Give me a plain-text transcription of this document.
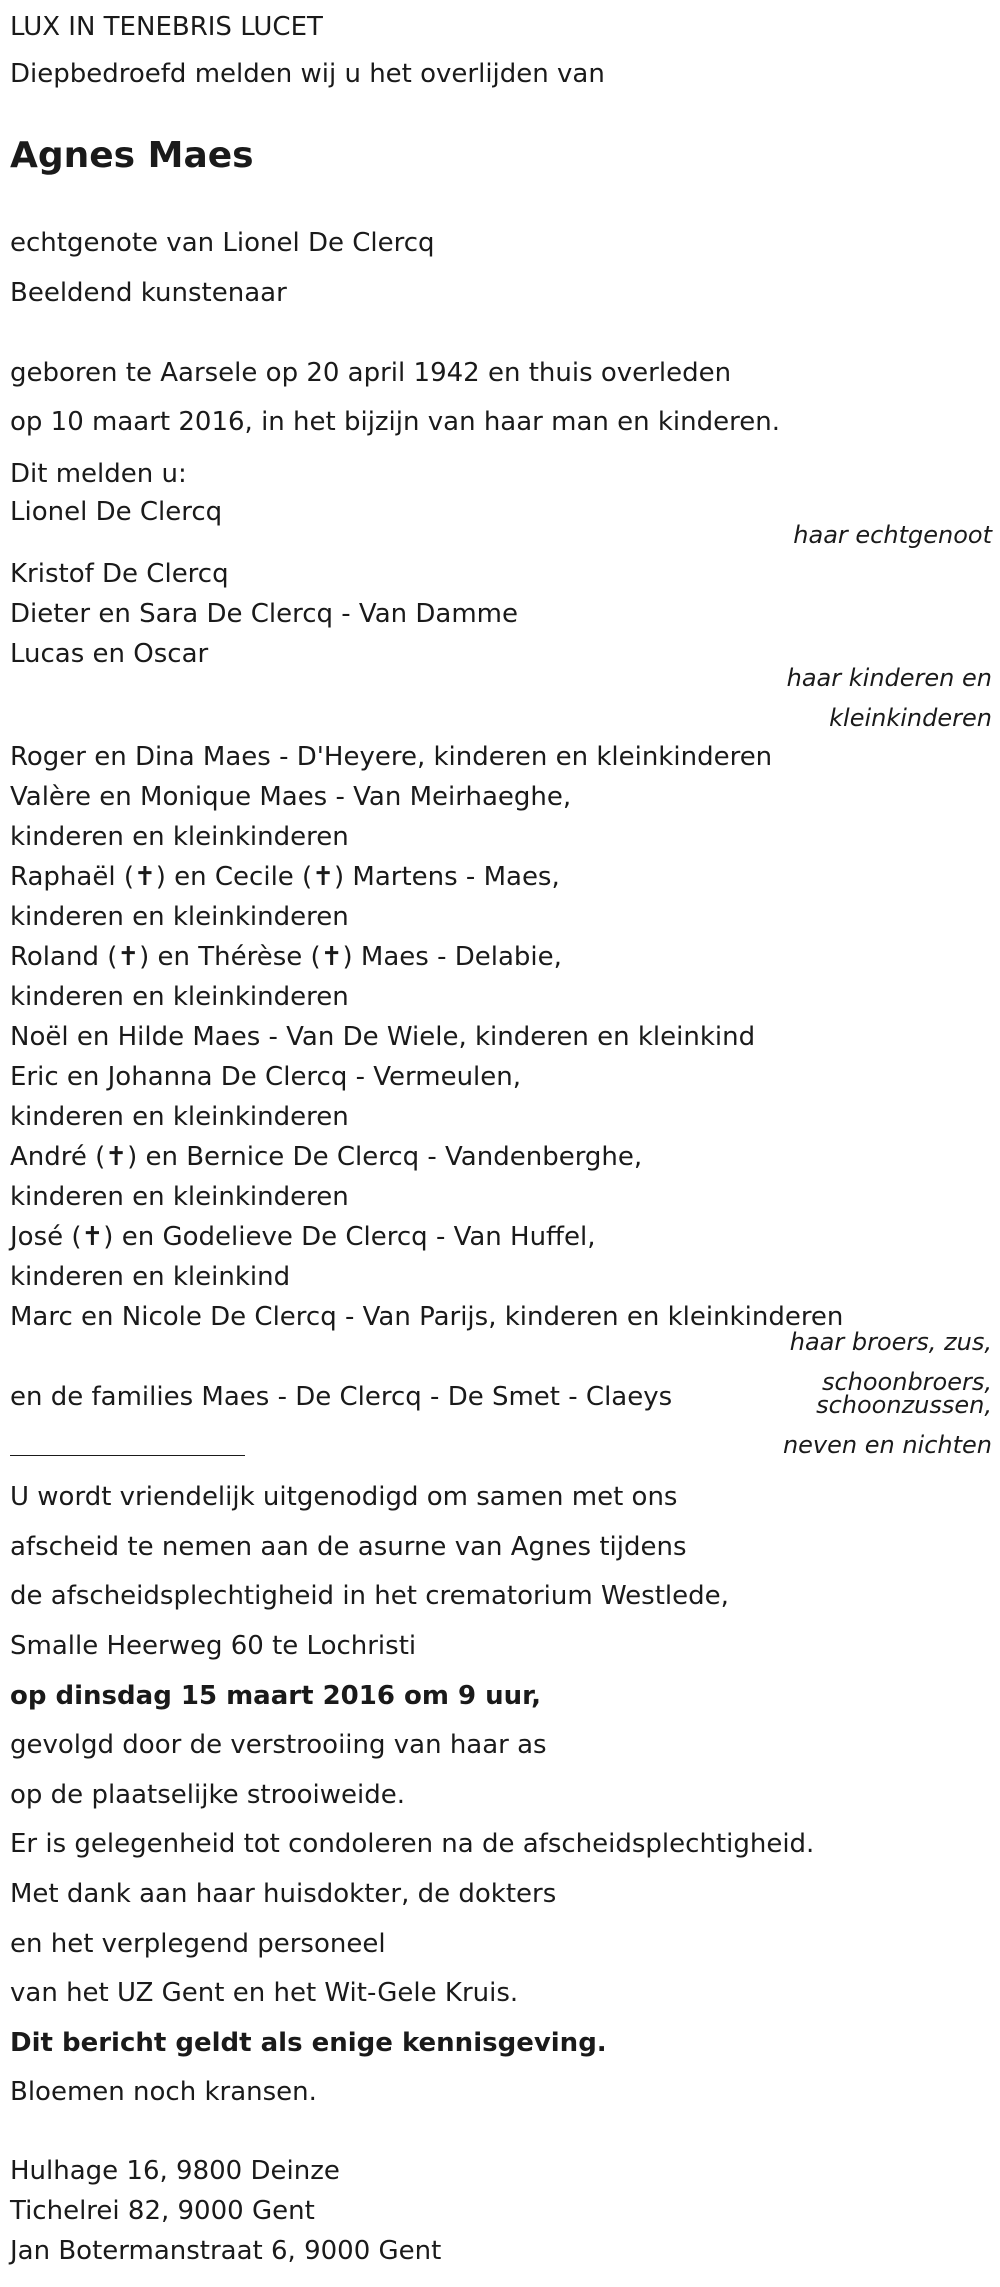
LUX IN TENEBRIS LUCET
Diepbedroefd melden wij u het overlijden van
Agnes Maes
echtgenote van Lionel De Clercq
Beeldend kunstenaar
geboren te Aarsele op 20 april 1942 en thuis overleden
op 10 maart 2016, in het bijzijn van haar man en kinderen.
Dit melden u:
Lionel De Clercq
Kristof De Clercq
Dieter en Sara De Clercq - Van Damme
Lucas en Oscar
Roger en Dina Maes - D'Heyere, kinderen en kleinkinderen
Valère en Monique Maes - Van Meirhaeghe,
kinderen en kleinkinderen
Raphaël (✝) en Cecile (✝) Martens - Maes,
kinderen en kleinkinderen
Roland (✝) en Thérèse (✝) Maes - Delabie,
kinderen en kleinkinderen
Noël en Hilde Maes - Van De Wiele, kinderen en kleinkind
Eric en Johanna De Clercq - Vermeulen,
kinderen en kleinkinderen
André (✝) en Bernice De Clercq - Vandenberghe,
kinderen en kleinkinderen
José (✝) en Godelieve De Clercq - Van Huffel,
kinderen en kleinkind
Marc en Nicole De Clercq - Van Parijs, kinderen en kleinkinderen
en de families Maes - De Clercq - De Smet - Claeys
haar echtgenoot
haar kinderen en
kleinkinderen
haar broers, zus,
schoonbroers,
schoonzussen,
neven en nichten
U wordt vriendelijk uitgenodigd om samen met ons
afscheid te nemen aan de asurne van Agnes tijdens
de afscheidsplechtigheid in het crematorium Westlede,
Smalle Heerweg 60 te Lochristi
op dinsdag 15 maart 2016 om 9 uur,
gevolgd door de verstrooiing van haar as
op de plaatselijke strooiweide.
Er is gelegenheid tot condoleren na de afscheidsplechtigheid.
Met dank aan haar huisdokter, de dokters
en het verplegend personeel
van het UZ Gent en het Wit-Gele Kruis.
Dit bericht geldt als enige kennisgeving.
Bloemen noch kransen.
Hulhage 16, 9800 Deinze
Tichelrei 82, 9000 Gent
Jan Botermanstraat 6, 9000 Gent
